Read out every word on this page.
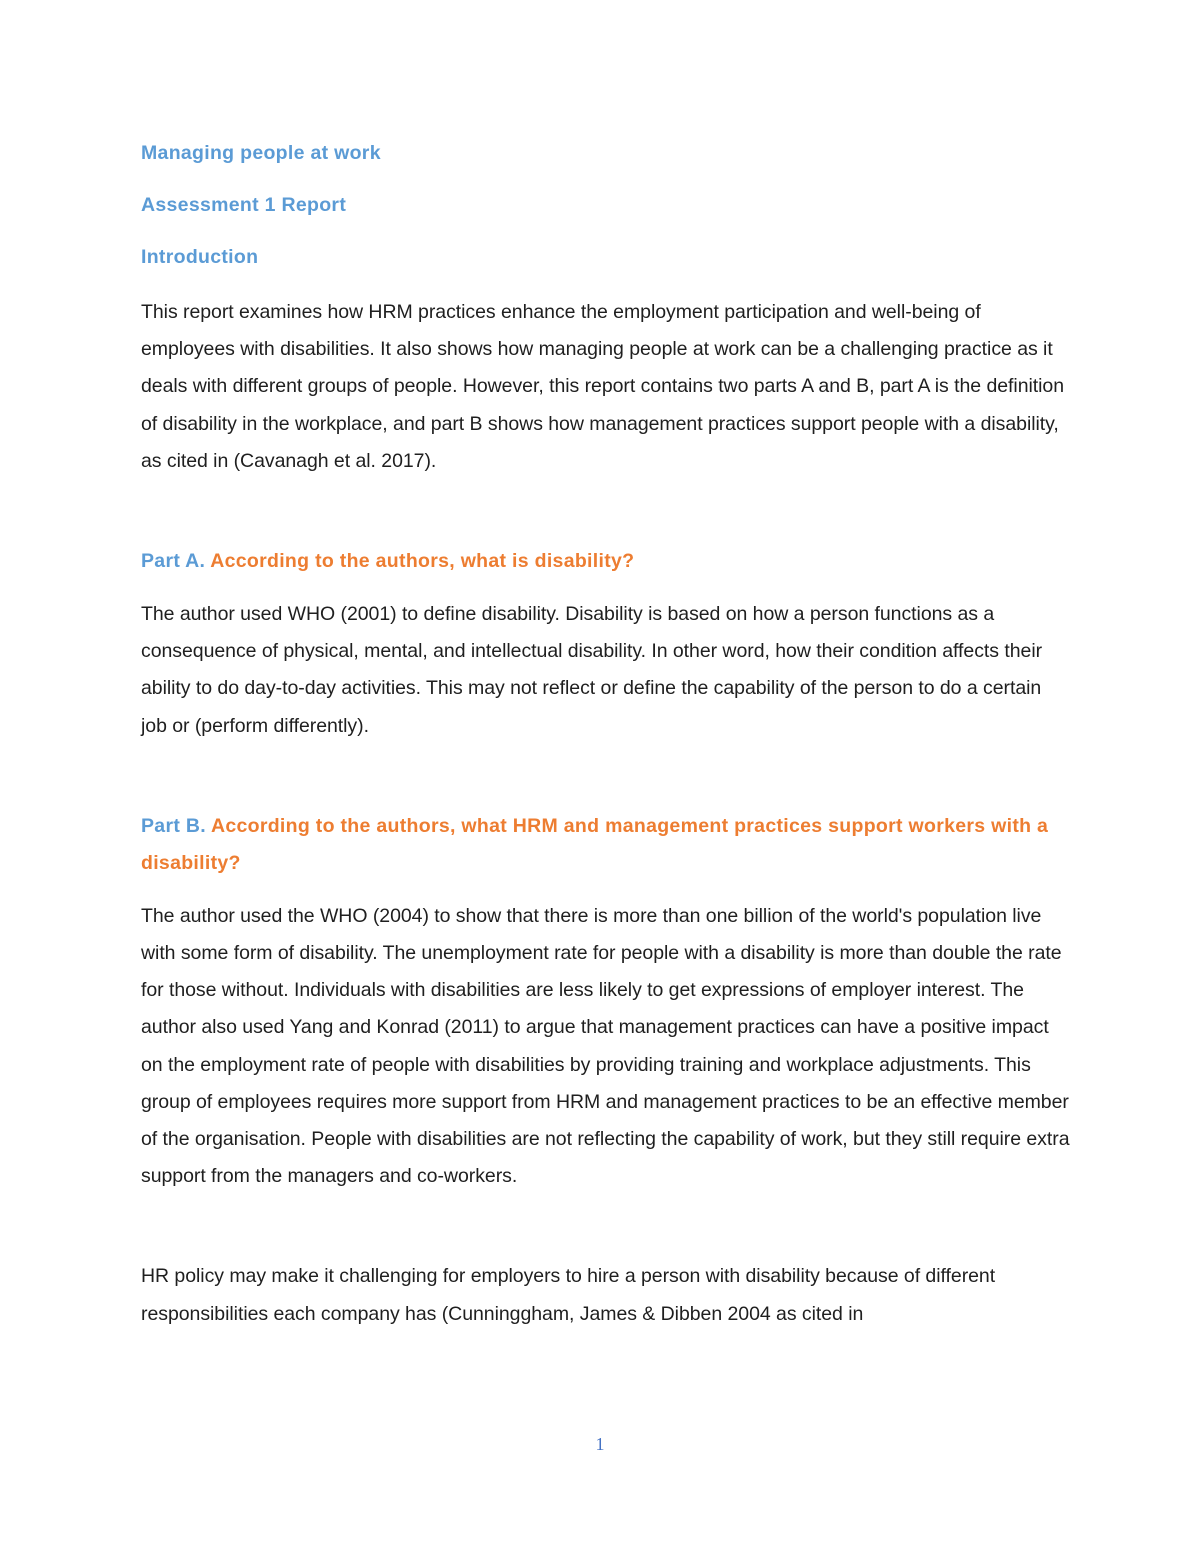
Managing people at work
Assessment 1 Report
Introduction

This report examines how HRM practices enhance the employment participation and well-being of employees with disabilities. It also shows how managing people at work can be a challenging practice as it deals with different groups of people. However, this report contains two parts A and B, part A is the definition of disability in the workplace, and part B shows how management practices support people with a disability, as cited in (Cavanagh et al. 2017).

Part A. According to the authors, what is disability?

The author used WHO (2001) to define disability. Disability is based on how a person functions as a consequence of physical, mental, and intellectual disability. In other word, how their condition affects their ability to do day-to-day activities. This may not reflect or define the capability of the person to do a certain job or (perform differently).

Part B. According to the authors, what HRM and management practices support workers with a disability?

The author used the WHO (2004) to show that there is more than one billion of the world's population live with some form of disability. The unemployment rate for people with a disability is more than double the rate for those without. Individuals with disabilities are less likely to get expressions of employer interest. The author also used Yang and Konrad (2011) to argue that management practices can have a positive impact on the employment rate of people with disabilities by providing training and workplace adjustments. This group of employees requires more support from HRM and management practices to be an effective member of the organisation. People with disabilities are not reflecting the capability of work, but they still require extra support from the managers and co-workers.

HR policy may make it challenging for employers to hire a person with disability because of different responsibilities each company has (Cunninggham, James & Dibben 2004 as cited in

1
